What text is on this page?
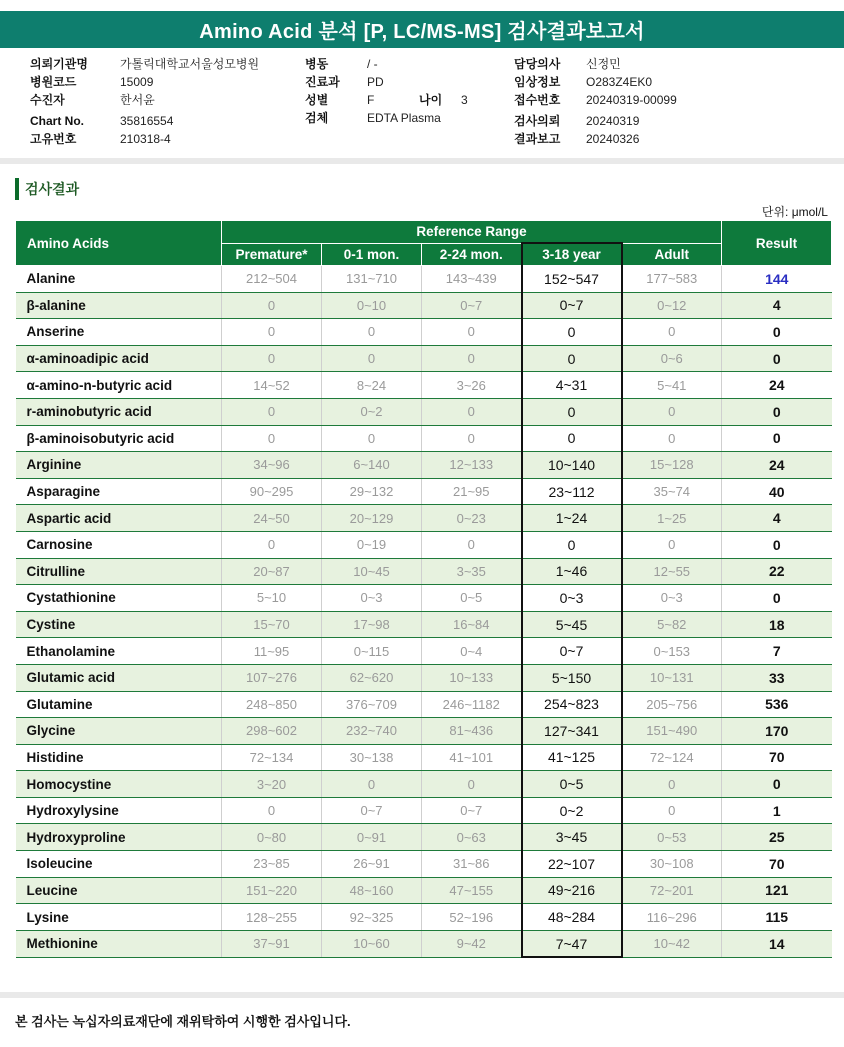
Amino Acid 분석 [P, LC/MS-MS] 검사결과보고서
의뢰기관명	가톨릭대학교서울성모병원
병원코드	15009
수진자	한서윤
Chart No.	35816554
고유번호	210318-4
병동	/ -
진료과 PD
성별	F	나이 3
검체	EDTA Plasma
담당의사 신정민
임상정보 O283Z4EK0
접수번호 20240319-00099
검사의뢰 20240319
결과보고 20240326
검사결과
단위: μmol/L
Amino Acids	Reference Range					Result
	Premature*	0-1 mon.	2-24 mon.	3-18 year	Adult	
Alanine	212~504	131~710	143~439	152~547	177~583	144
β-alanine	0	0~10	0~7	0~7	0~12	4
Anserine	0	0	0	0	0	0
α-aminoadipic acid	0	0	0	0	0~6	0
α-amino-n-butyric acid	14~52	8~24	3~26	4~31	5~41	24
r-aminobutyric acid	0	0~2	0	0	0	0
β-aminoisobutyric acid	0	0	0	0	0	0
Arginine	34~96	6~140	12~133	10~140	15~128	24
Asparagine	90~295	29~132	21~95	23~112	35~74	40
Aspartic acid	24~50	20~129	0~23	1~24	1~25	4
Carnosine	0	0~19	0	0	0	0
Citrulline	20~87	10~45	3~35	1~46	12~55	22
Cystathionine	5~10	0~3	0~5	0~3	0~3	0
Cystine	15~70	17~98	16~84	5~45	5~82	18
Ethanolamine	11~95	0~115	0~4	0~7	0~153	7
Glutamic acid	107~276	62~620	10~133	5~150	10~131	33
Glutamine	248~850	376~709	246~1182	254~823	205~756	536
Glycine	298~602	232~740	81~436	127~341	151~490	170
Histidine	72~134	30~138	41~101	41~125	72~124	70
Homocystine	3~20	0	0	0~5	0	0
Hydroxylysine	0	0~7	0~7	0~2	0	1
Hydroxyproline	0~80	0~91	0~63	3~45	0~53	25
Isoleucine	23~85	26~91	31~86	22~107	30~108	70
Leucine	151~220	48~160	47~155	49~216	72~201	121
Lysine	128~255	92~325	52~196	48~284	116~296	115
Methionine	37~91	10~60	9~42	7~47	10~42	14
본 검사는 녹십자의료재단에 재위탁하여 시행한 검사입니다.
